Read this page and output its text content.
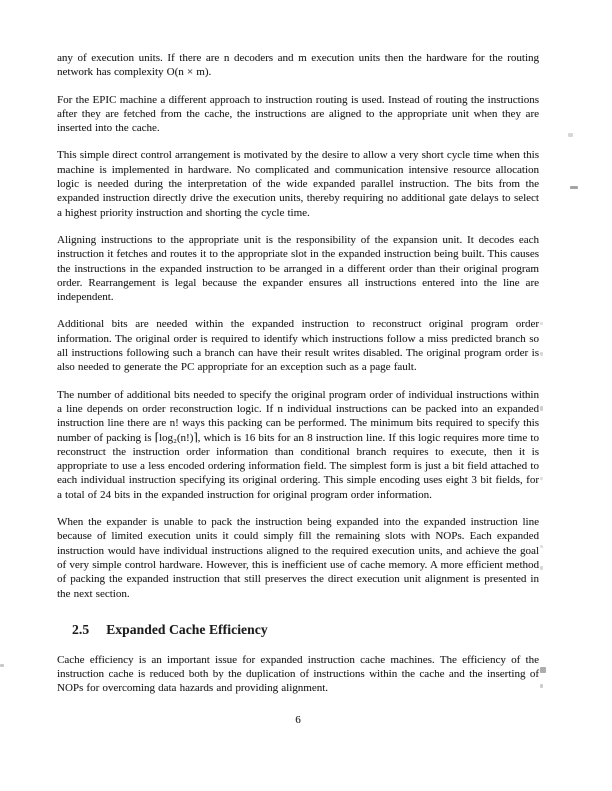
any of execution units. If there are n decoders and m execution units then the hardware for the routing network has complexity O(n × m).

For the EPIC machine a different approach to instruction routing is used. Instead of routing the instructions after they are fetched from the cache, the instructions are aligned to the appropriate unit when they are inserted into the cache.

This simple direct control arrangement is motivated by the desire to allow a very short cycle time when this machine is implemented in hardware. No complicated and communication intensive resource allocation logic is needed during the interpretation of the wide expanded parallel instruction. The bits from the expanded instruction directly drive the execution units, thereby requiring no additional gate delays to select a highest priority instruction and shorting the cycle time.

Aligning instructions to the appropriate unit is the responsibility of the expansion unit. It decodes each instruction it fetches and routes it to the appropriate slot in the expanded instruction being built. This causes the instructions in the expanded instruction to be arranged in a different order than their original program order. Rearrangement is legal because the expander ensures all instructions entered into the line are independent.

Additional bits are needed within the expanded instruction to reconstruct original program order information. The original order is required to identify which instructions follow a miss predicted branch so all instructions following such a branch can have their result writes disabled. The original program order is also needed to generate the PC appropriate for an exception such as a page fault.

The number of additional bits needed to specify the original program order of individual instructions within a line depends on order reconstruction logic. If n individual instructions can be packed into an expanded instruction line there are n! ways this packing can be performed. The minimum bits required to specify this number of packing is ⌈log₂(n!)⌉, which is 16 bits for an 8 instruction line. If this logic requires more time to reconstruct the instruction order information than conditional branch requires to execute, then it is appropriate to use a less encoded ordering information field. The simplest form is just a bit field attached to each individual instruction specifying its original ordering. This simple encoding uses eight 3 bit fields, for a total of 24 bits in the expanded instruction for original program order information.

When the expander is unable to pack the instruction being expanded into the expanded instruction line because of limited execution units it could simply fill the remaining slots with NOPs. Each expanded instruction would have individual instructions aligned to the required execution units, and achieve the goal of very simple control hardware. However, this is inefficient use of cache memory. A more efficient method of packing the expanded instruction that still preserves the direct execution unit alignment is presented in the next section.

2.5 Expanded Cache Efficiency

Cache efficiency is an important issue for expanded instruction cache machines. The efficiency of the instruction cache is reduced both by the duplication of instructions within the cache and the inserting of NOPs for overcoming data hazards and providing alignment.

6
